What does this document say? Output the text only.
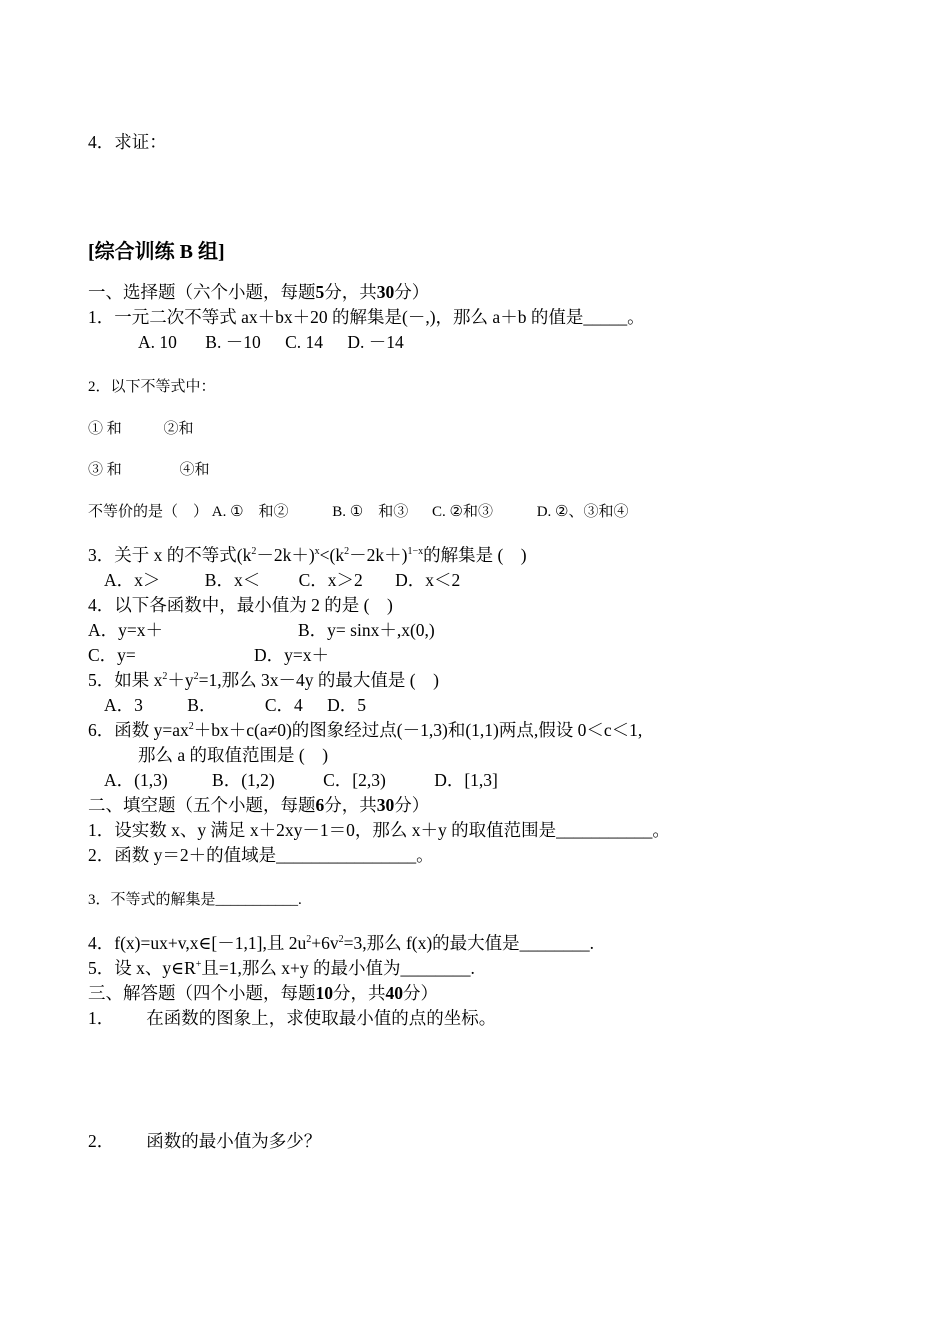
4．求证：
[综合训练 B 组]
一、选择题（六个小题，每题5分，共30分）
1．一元二次不等式 ax＋bx＋20 的解集是(－,)，那么 a＋b 的值是_____。
A. 10 B. －10 C. 14 D. －14
2．以下不等式中：
① 和	②和
③ 和	④和
不等价的是（　） A. ①　和②	B. ①　和③ C. ②和③	D. ②、③和④
3．关于 x 的不等式$(k^2-2k+)^x<(k^2-2k+)^{1-x}$的解集是 (　)
A．x＞	B．x＜ C．x＞2 D．x＜2
4．以下各函数中，最小值为 2 的是 (　)
A．y=x＋	B．y= sinx＋,x(0,)
C．y=	D．y=x＋
5．如果 $x^2+y^2=1$,那么 3x－4y 的最大值是 (　)
A．3	B．	C．4 D．5
6．函数 $y=ax^2+bx+c(a\ne 0)$的图象经过点(－1,3)和(1,1)两点,假设 0＜c＜1,
那么 a 的取值范围是 (　)
A．(1,3)	B．(1,2)	C．[2,3)	D．[1,3]
二、填空题（五个小题，每题6分，共30分）
1．设实数 x、y 满足 x＋2xy－1＝0，那么 x＋y 的取值范围是___________。
2．函数 y＝2＋的值域是________________。
3．不等式的解集是___________.
4．f(x)=ux+v,x∈[－1,1],且 $2u^2+6v^2=3$,那么 f(x)的最大值是________.
5．设 x、y∈R+且=1,那么 x+y 的最小值为________.
三、解答题（四个小题，每题10分，共40分）
1． 在函数的图象上，求使取最小值的点的坐标。
2． 函数的最小值为多少？
